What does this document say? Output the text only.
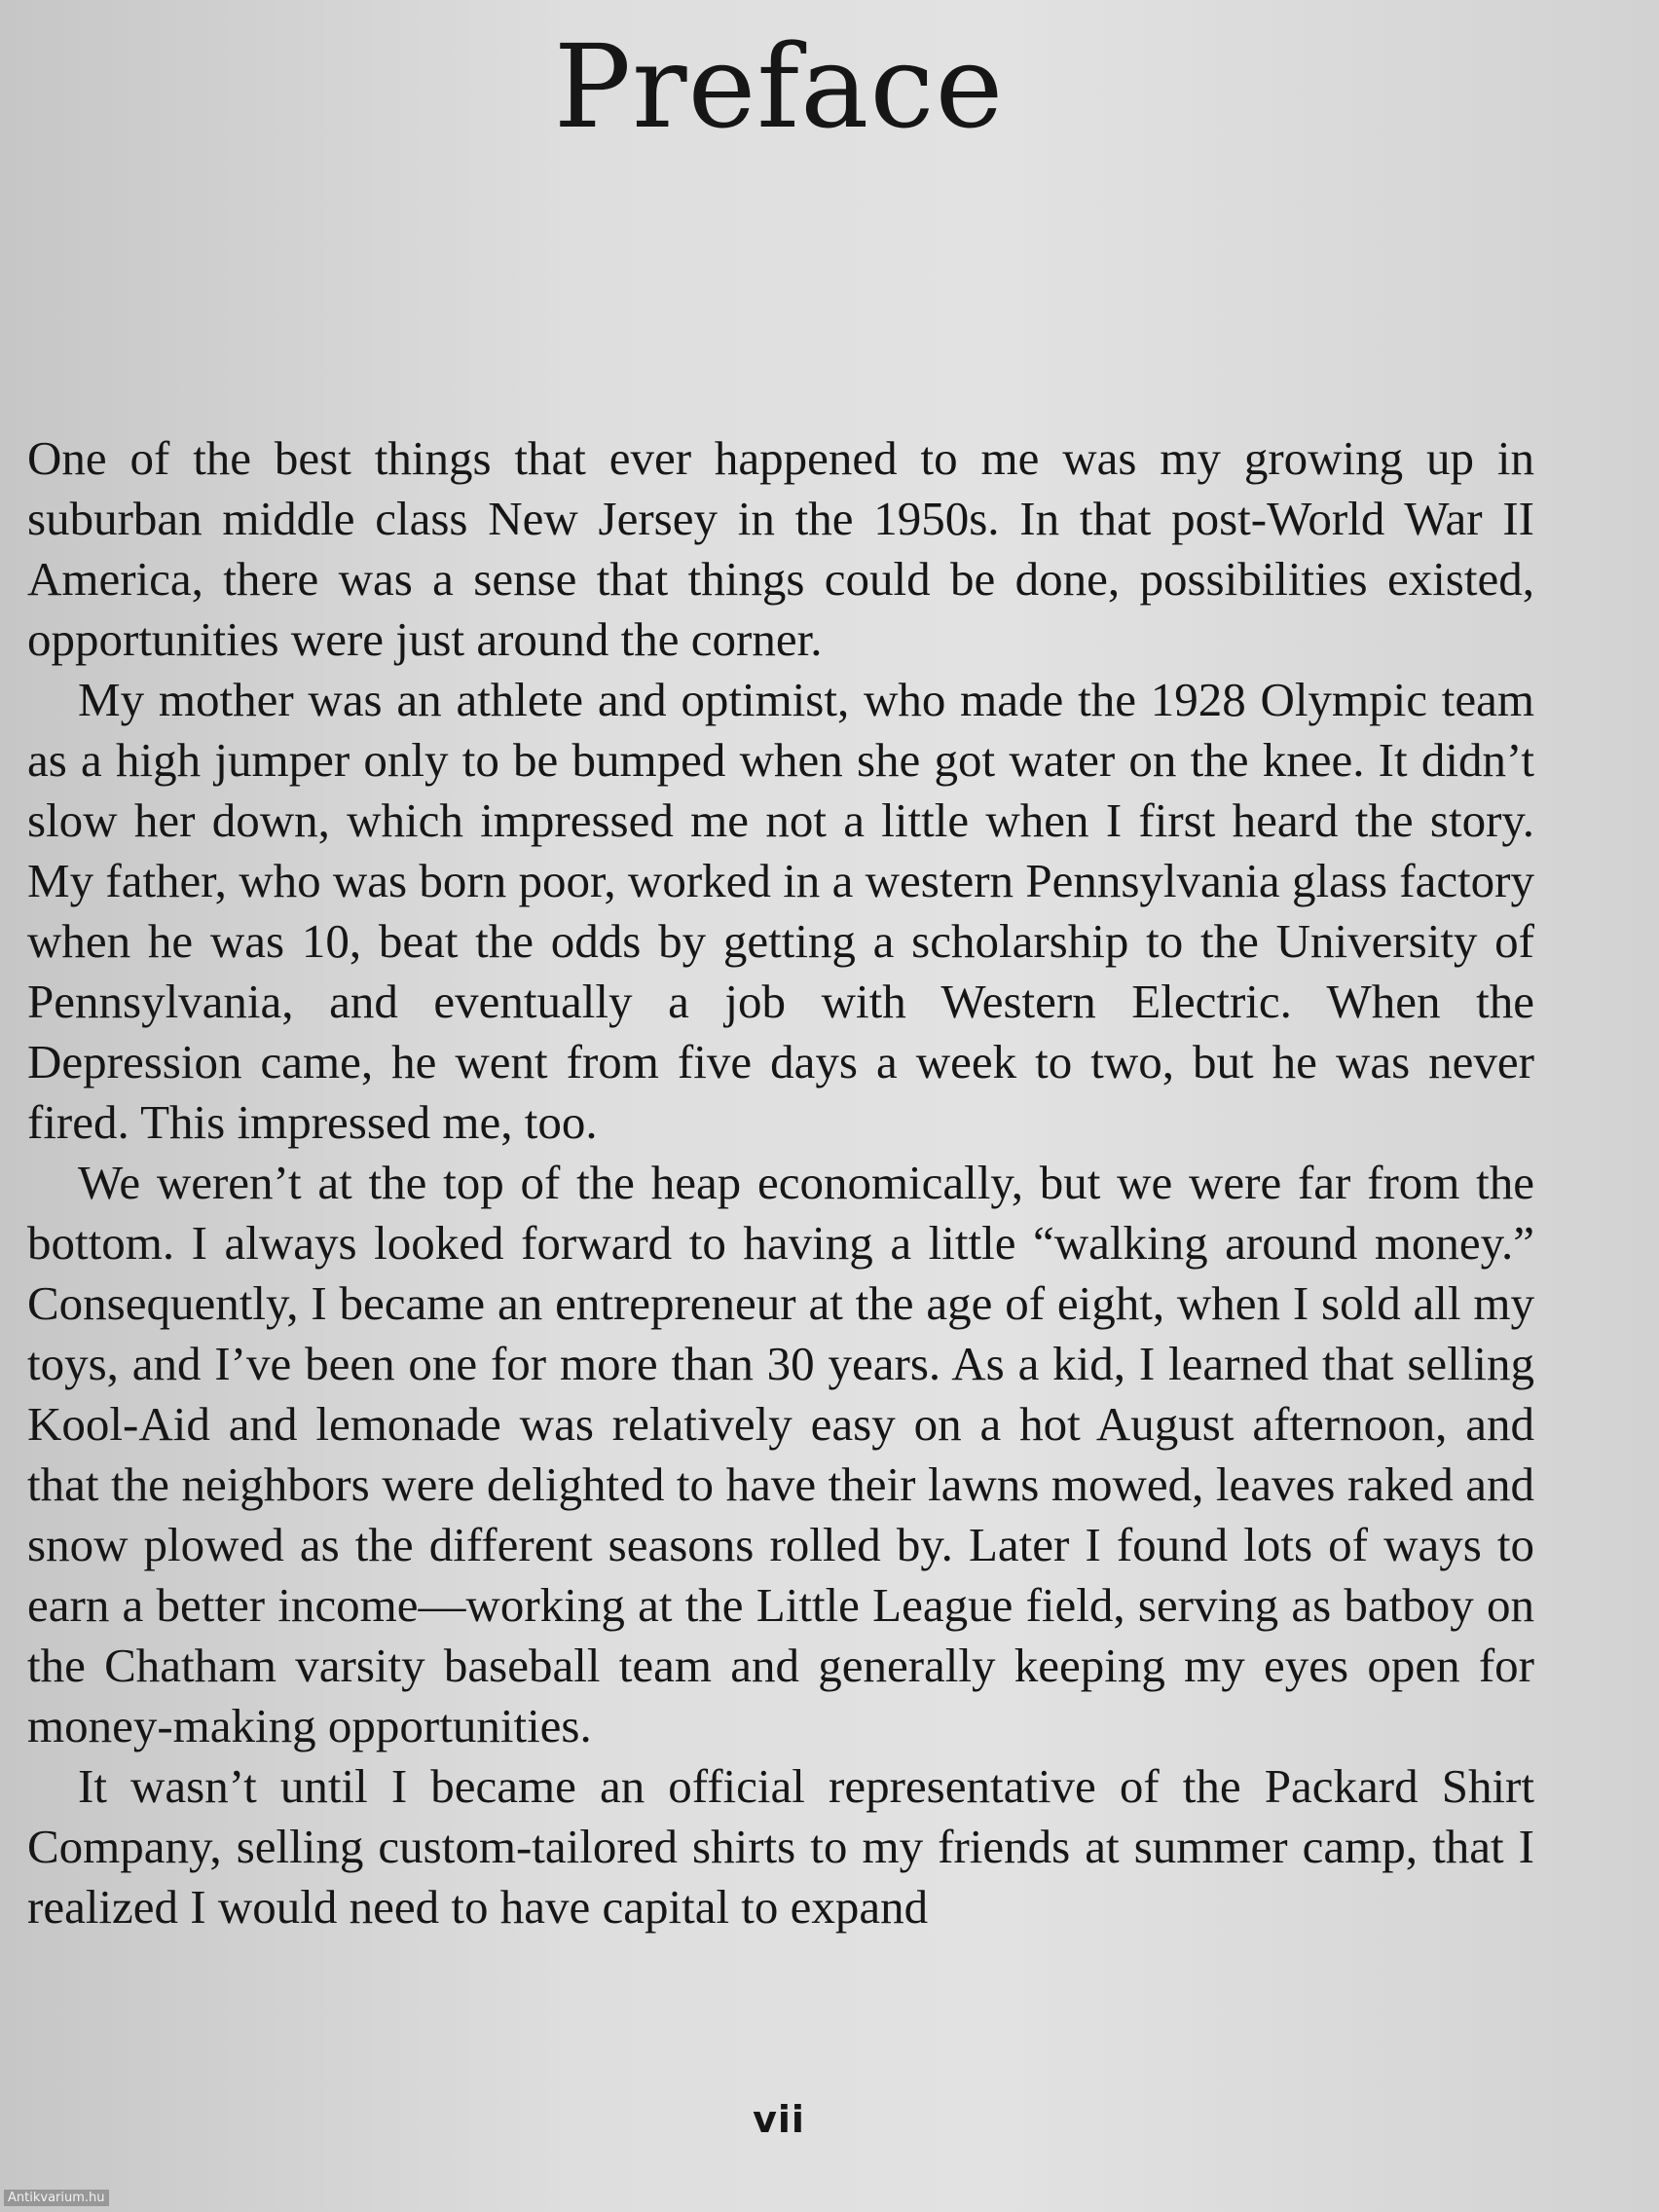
Preface

One of the best things that ever happened to me was my growing up in suburban middle class New Jersey in the 1950s. In that post-World War II America, there was a sense that things could be done, possibilities existed, opportunities were just around the corner.

My mother was an athlete and optimist, who made the 1928 Olympic team as a high jumper only to be bumped when she got water on the knee. It didn’t slow her down, which impressed me not a little when I first heard the story. My father, who was born poor, worked in a western Pennsylvania glass factory when he was 10, beat the odds by getting a scholarship to the University of Pennsylvania, and eventually a job with Western Electric. When the Depression came, he went from five days a week to two, but he was never fired. This impressed me, too.

We weren’t at the top of the heap economically, but we were far from the bottom. I always looked forward to having a little “walking around money.” Consequently, I became an entrepreneur at the age of eight, when I sold all my toys, and I’ve been one for more than 30 years. As a kid, I learned that selling Kool-Aid and lemonade was relatively easy on a hot August afternoon, and that the neighbors were delighted to have their lawns mowed, leaves raked and snow plowed as the different seasons rolled by. Later I found lots of ways to earn a better income—working at the Little League field, serving as batboy on the Chatham varsity baseball team and generally keeping my eyes open for money-making opportunities.

It wasn’t until I became an official representative of the Packard Shirt Company, selling custom-tailored shirts to my friends at summer camp, that I realized I would need to have capital to expand

vii
Antikvarium.hu
